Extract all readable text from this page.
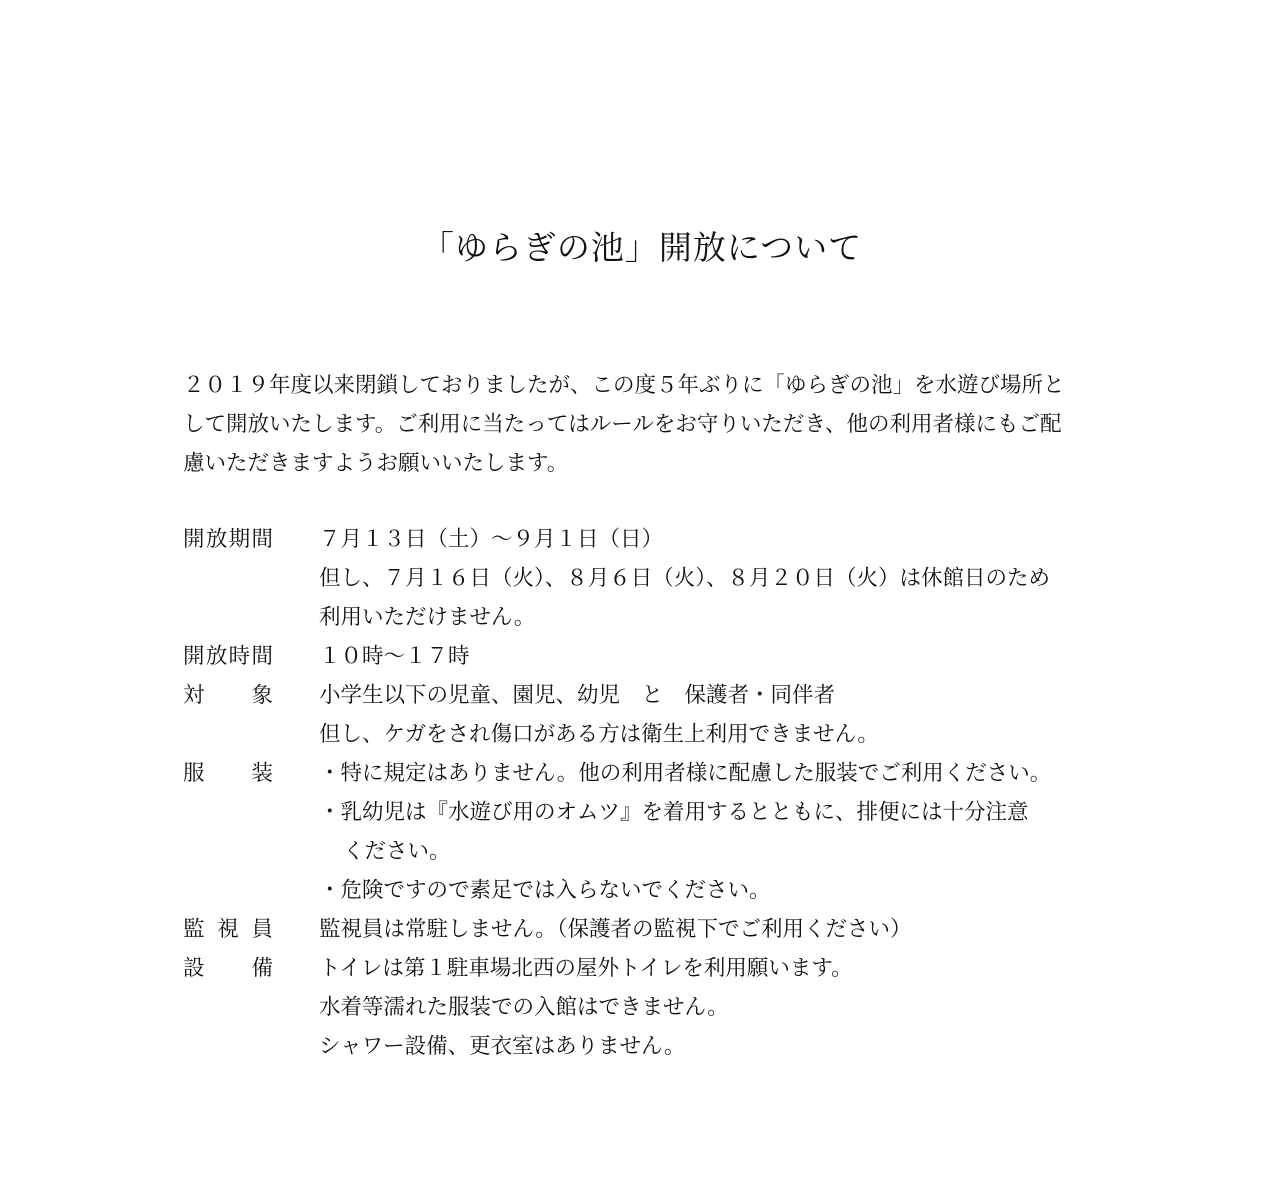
「ゆらぎの池」開放について
２０１９年度以来閉鎖しておりましたが、この度５年ぶりに「ゆらぎの池」を水遊び場所と
して開放いたします。ご利用に当たってはルールをお守りいただき、他の利用者様にもご配
慮いただきますようお願いいたします。
開放期間	７月１３日（土）～９月１日（日）
但し、７月１６日（火）、８月６日（火）、８月２０日（火）は休館日のため
利用いただけません。
開放時間	１０時～１７時
対象	小学生以下の児童、園児、幼児　と　保護者・同伴者
但し、ケガをされ傷口がある方は衛生上利用できません。
服装	・特に規定はありません。他の利用者様に配慮した服装でご利用ください。
・乳幼児は『水遊び用のオムツ』を着用するとともに、排便には十分注意
ください。
・危険ですので素足では入らないでください。
監視員	監視員は常駐しません。（保護者の監視下でご利用ください）
設備	トイレは第１駐車場北西の屋外トイレを利用願います。
水着等濡れた服装での入館はできません。
シャワー設備、更衣室はありません。
